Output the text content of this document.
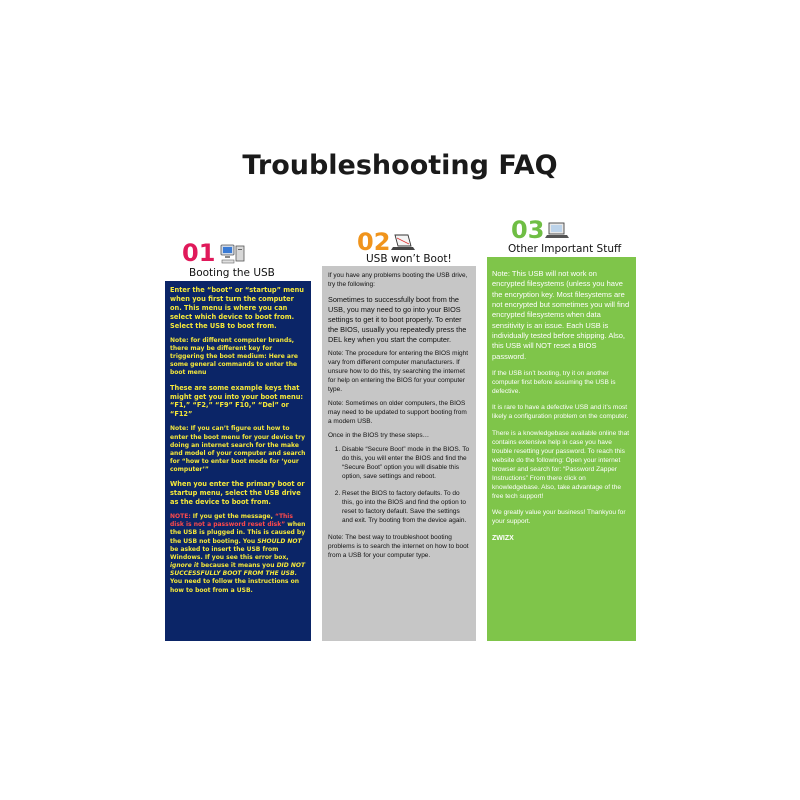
Troubleshooting FAQ
01
Booting the USB
02
USB won’t Boot!
03
Other Important Stuff

Enter the “boot” or “startup” menu when you first turn the computer on. This menu is where you can select which device to boot from. Select the USB to boot from.

Note: for different computer brands, there may be different key for triggering the boot medium: Here are some general commands to enter the boot menu

These are some example keys that might get you into your boot menu: “F1,” “F2,” “F9” F10,” “Del” or “F12”

Note: If you can’t figure out how to enter the boot menu for your device try doing an internet search for the make and model of your computer and search for “how to enter boot mode for ‘your computer’”

When you enter the primary boot or startup menu, select the USB drive as the device to boot from.

NOTE: If you get the message, “This disk is not a password reset disk” when the USB is plugged in. This is caused by the USB not booting. You SHOULD NOT be asked to insert the USB from Windows. If you see this error box, ignore it because it means you DID NOT SUCCESSFULLY BOOT FROM THE USB. You need to follow the instructions on how to boot from a USB.

If you have any problems booting the USB drive, try the following:

Sometimes to successfully boot from the USB, you may need to go into your BIOS settings to get it to boot properly. To enter the BIOS, usually you repeatedly press the DEL key when you start the computer.

Note: The procedure for entering the BIOS might vary from different computer manufacturers. If unsure how to do this, try searching the internet for help on entering the BIOS for your computer type.

Note: Sometimes on older computers, the BIOS may need to be updated to support booting from a modern USB.

Once in the BIOS try these steps…

1. Disable “Secure Boot” mode in the BIOS. To do this, you will enter the BIOS and find the “Secure Boot” option you will disable this option, save settings and reboot.
2. Reset the BIOS to factory defaults. To do this, go into the BIOS and find the option to reset to factory default. Save the settings and exit. Try booting from the device again.

Note: The best way to troubleshoot booting problems is to search the internet on how to boot from a USB for your computer type.

Note: This USB will not work on encrypted filesystems (unless you have the encryption key. Most filesystems are not encrypted but sometimes you will find encrypted filesystems when data sensitivity is an issue. Each USB is individually tested before shipping. Also, this USB will NOT reset a BIOS password.

If the USB isn’t booting, try it on another computer first before assuming the USB is defective.

It is rare to have a defective USB and it’s most likely a configuration problem on the computer.

There is a knowledgebase available online that contains extensive help in case you have trouble resetting your password. To reach this website do the following: Open your internet browser and search for: “Password Zapper Instructions” From there click on knowledgebase. Also, take advantage of the free tech support!

We greatly value your business! Thankyou for your support.

ZWIZX
